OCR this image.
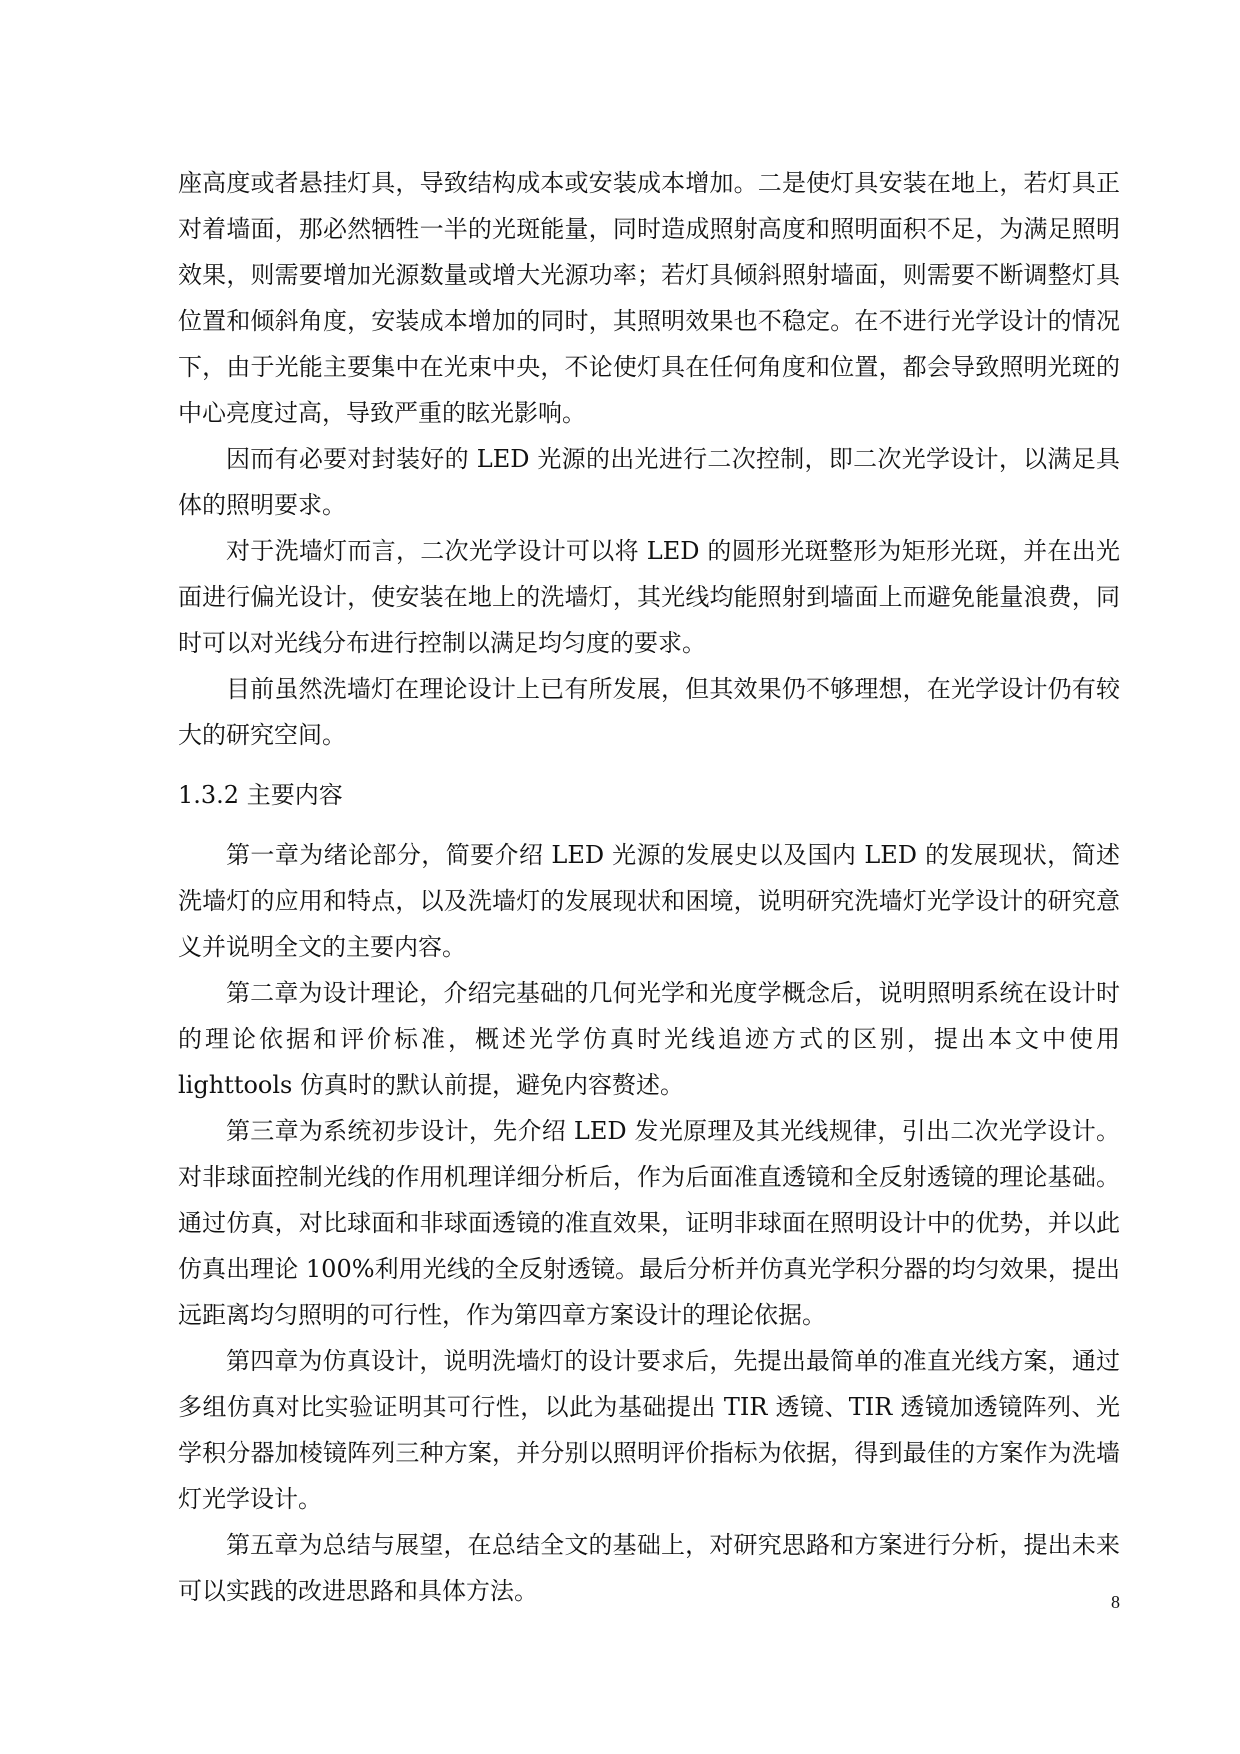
座高度或者悬挂灯具，导致结构成本或安装成本增加。二是使灯具安装在地上，若灯具正对着墙面，那必然牺牲一半的光斑能量，同时造成照射高度和照明面积不足，为满足照明效果，则需要增加光源数量或增大光源功率；若灯具倾斜照射墙面，则需要不断调整灯具位置和倾斜角度，安装成本增加的同时，其照明效果也不稳定。在不进行光学设计的情况下，由于光能主要集中在光束中央，不论使灯具在任何角度和位置，都会导致照明光斑的中心亮度过高，导致严重的眩光影响。

因而有必要对封装好的 LED 光源的出光进行二次控制，即二次光学设计，以满足具体的照明要求。

对于洗墙灯而言，二次光学设计可以将 LED 的圆形光斑整形为矩形光斑，并在出光面进行偏光设计，使安装在地上的洗墙灯，其光线均能照射到墙面上而避免能量浪费，同时可以对光线分布进行控制以满足均匀度的要求。

目前虽然洗墙灯在理论设计上已有所发展，但其效果仍不够理想，在光学设计仍有较大的研究空间。

1.3.2 主要内容

第一章为绪论部分，简要介绍 LED 光源的发展史以及国内 LED 的发展现状，简述洗墙灯的应用和特点，以及洗墙灯的发展现状和困境，说明研究洗墙灯光学设计的研究意义并说明全文的主要内容。

第二章为设计理论，介绍完基础的几何光学和光度学概念后，说明照明系统在设计时的理论依据和评价标准，概述光学仿真时光线追迹方式的区别，提出本文中使用 lighttools 仿真时的默认前提，避免内容赘述。

第三章为系统初步设计，先介绍 LED 发光原理及其光线规律，引出二次光学设计。对非球面控制光线的作用机理详细分析后，作为后面准直透镜和全反射透镜的理论基础。通过仿真，对比球面和非球面透镜的准直效果，证明非球面在照明设计中的优势，并以此仿真出理论 100%利用光线的全反射透镜。最后分析并仿真光学积分器的均匀效果，提出远距离均匀照明的可行性，作为第四章方案设计的理论依据。

第四章为仿真设计，说明洗墙灯的设计要求后，先提出最简单的准直光线方案，通过多组仿真对比实验证明其可行性，以此为基础提出 TIR 透镜、TIR 透镜加透镜阵列、光学积分器加棱镜阵列三种方案，并分别以照明评价指标为依据，得到最佳的方案作为洗墙灯光学设计。

第五章为总结与展望，在总结全文的基础上，对研究思路和方案进行分析，提出未来可以实践的改进思路和具体方法。	8
